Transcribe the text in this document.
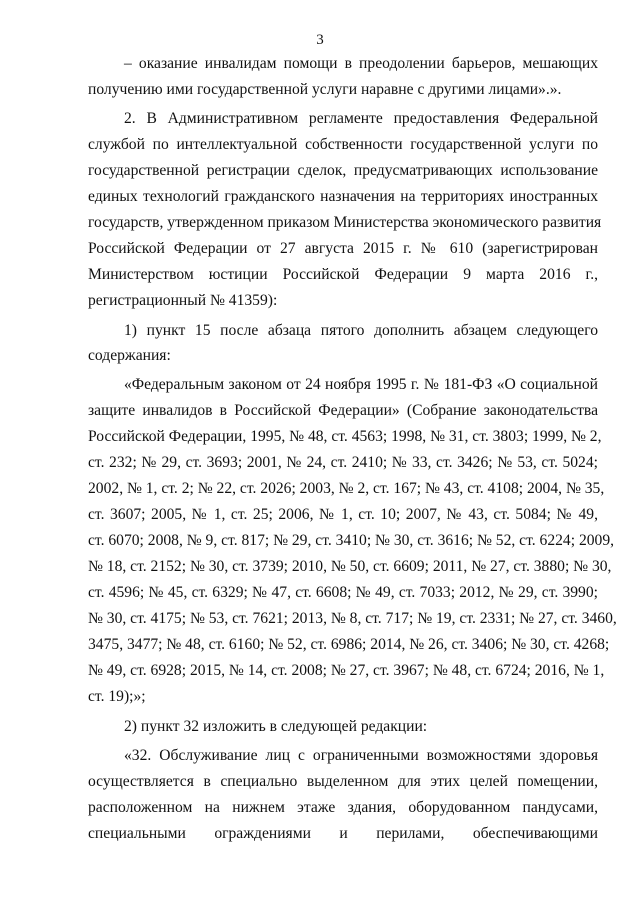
3
– оказание инвалидам помощи в преодолении барьеров, мешающих
получению ими государственной услуги наравне с другими лицами».».
2. В Административном регламенте предоставления Федеральной
службой по интеллектуальной собственности государственной услуги по
государственной регистрации сделок, предусматривающих использование
единых технологий гражданского назначения на территориях иностранных
государств, утвержденном приказом Министерства экономического развития
Российской Федерации от 27 августа 2015 г. № 610 (зарегистрирован
Министерством юстиции Российской Федерации 9 марта 2016 г.,
регистрационный № 41359):
1) пункт 15 после абзаца пятого дополнить абзацем следующего
содержания:
«Федеральным законом от 24 ноября 1995 г. № 181-ФЗ «О социальной
защите инвалидов в Российской Федерации» (Собрание законодательства
Российской Федерации, 1995, № 48, ст. 4563; 1998, № 31, ст. 3803; 1999, № 2,
ст. 232; № 29, ст. 3693; 2001, № 24, ст. 2410; № 33, ст. 3426; № 53, ст. 5024;
2002, № 1, ст. 2; № 22, ст. 2026; 2003, № 2, ст. 167; № 43, ст. 4108; 2004, № 35,
ст. 3607; 2005, № 1, ст. 25; 2006, № 1, ст. 10; 2007, № 43, ст. 5084; № 49,
ст. 6070; 2008, № 9, ст. 817; № 29, ст. 3410; № 30, ст. 3616; № 52, ст. 6224; 2009,
№ 18, ст. 2152; № 30, ст. 3739; 2010, № 50, ст. 6609; 2011, № 27, ст. 3880; № 30,
ст. 4596; № 45, ст. 6329; № 47, ст. 6608; № 49, ст. 7033; 2012, № 29, ст. 3990;
№ 30, ст. 4175; № 53, ст. 7621; 2013, № 8, ст. 717; № 19, ст. 2331; № 27, ст. 3460,
3475, 3477; № 48, ст. 6160; № 52, ст. 6986; 2014, № 26, ст. 3406; № 30, ст. 4268;
№ 49, ст. 6928; 2015, № 14, ст. 2008; № 27, ст. 3967; № 48, ст. 6724; 2016, № 1,
ст. 19);»;
2) пункт 32 изложить в следующей редакции:
«32. Обслуживание лиц с ограниченными возможностями здоровья
осуществляется в специально выделенном для этих целей помещении,
расположенном на нижнем этаже здания, оборудованном пандусами,
специальными ограждениями и перилами, обеспечивающими
